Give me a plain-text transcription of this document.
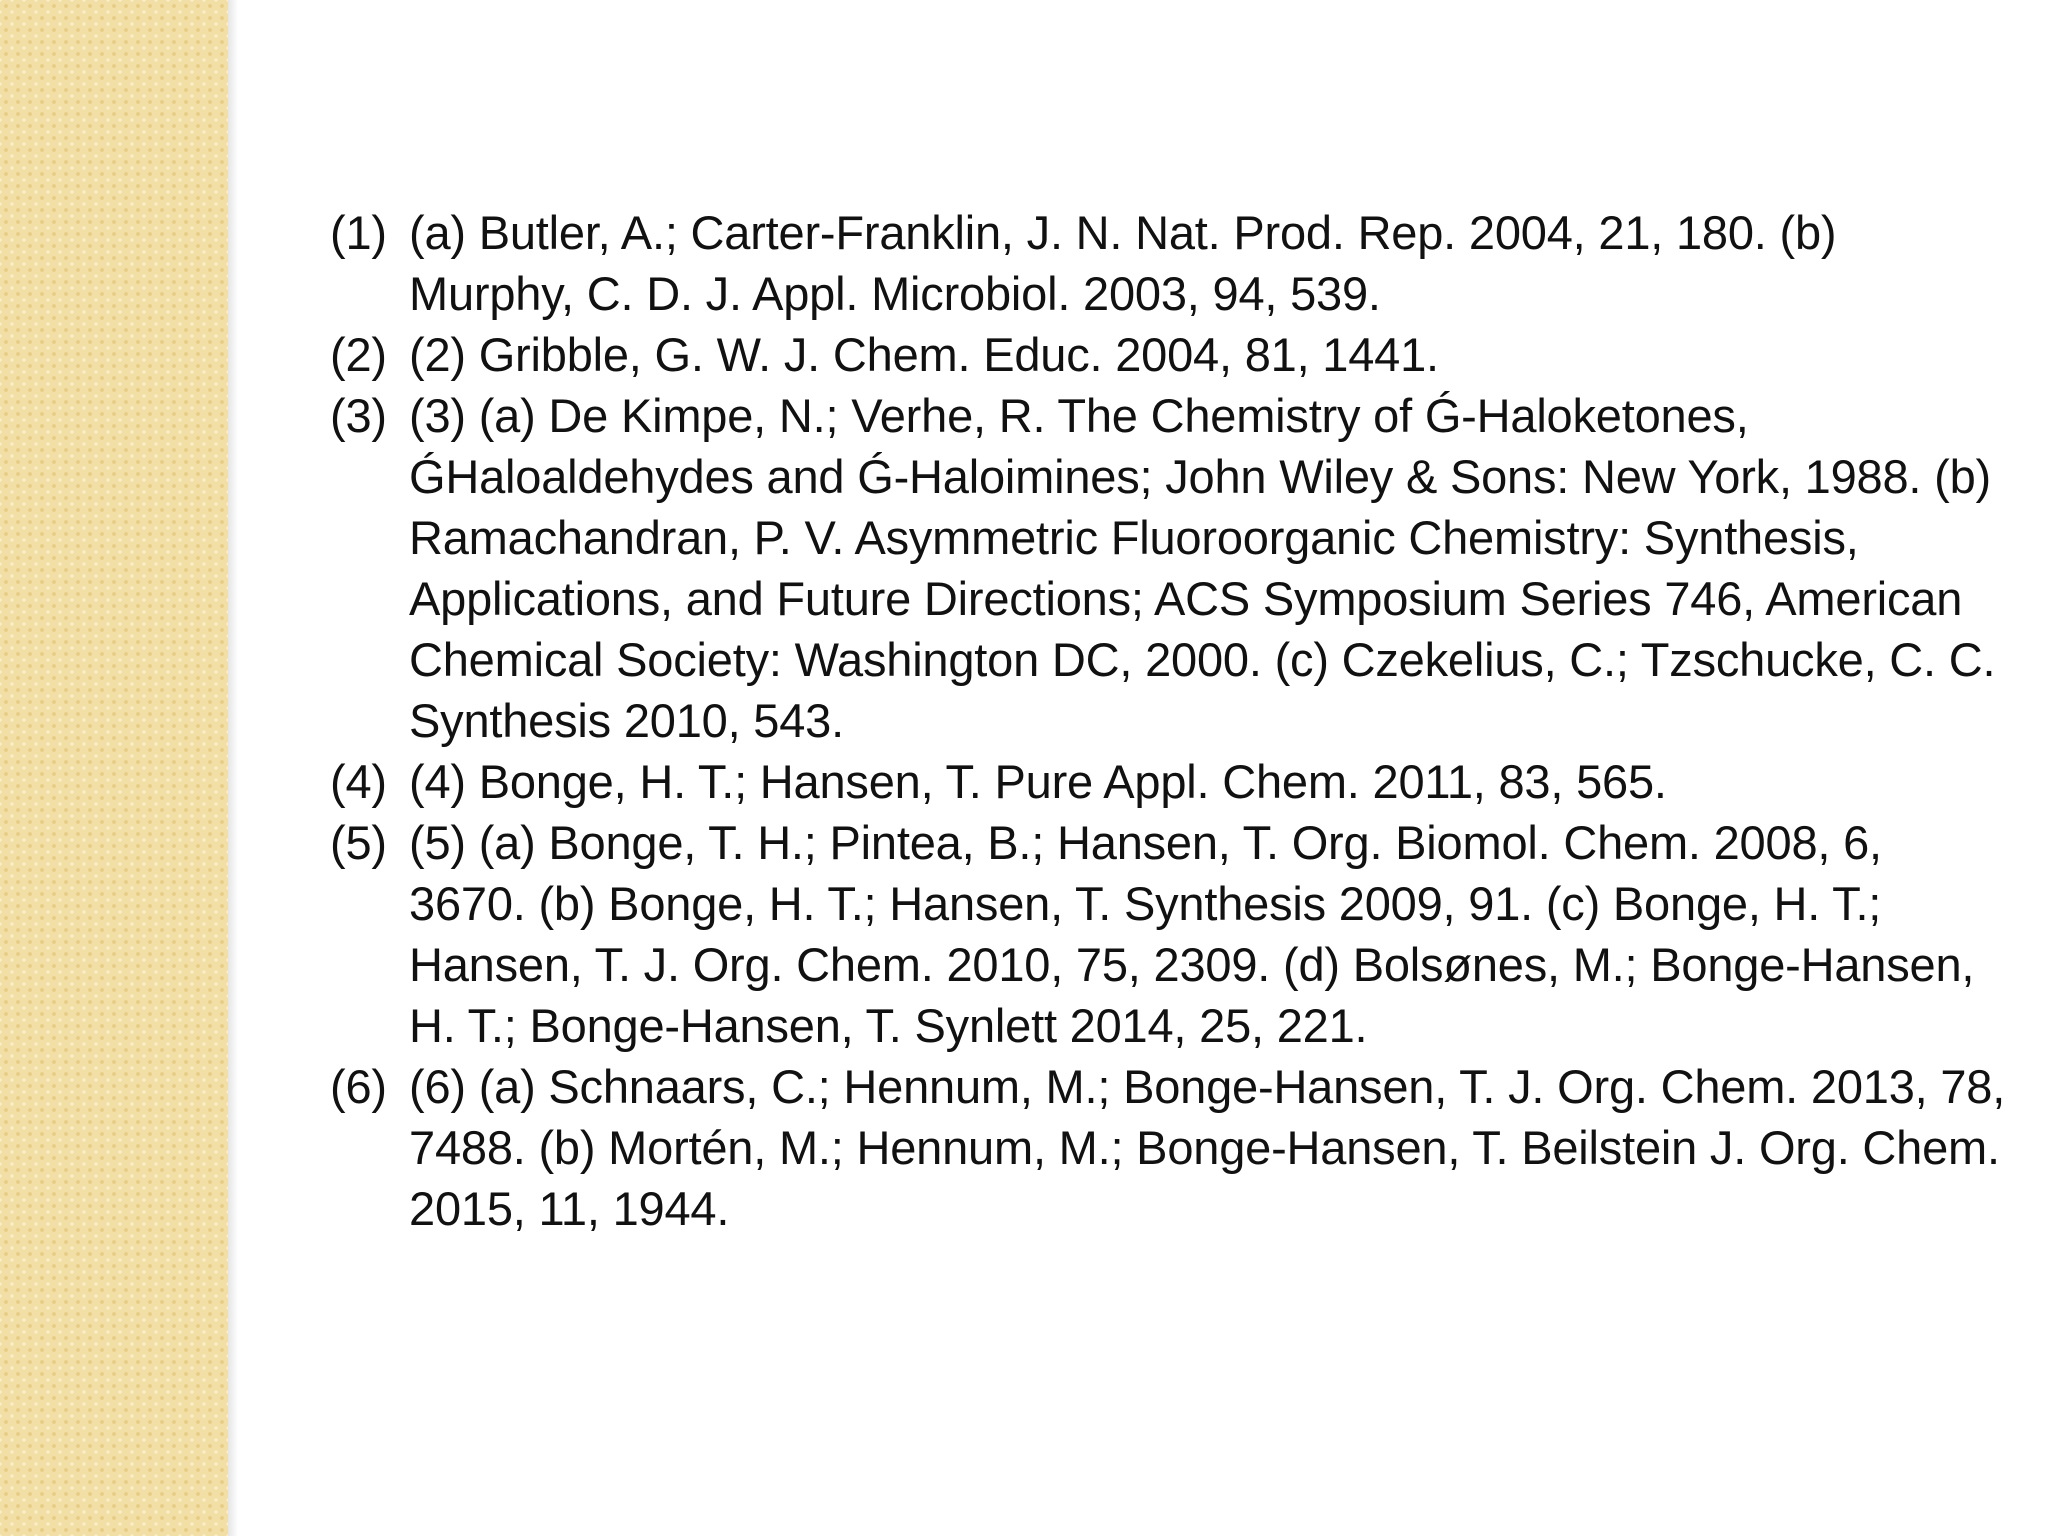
(1) (a) Butler, A.; Carter-Franklin, J. N. Nat. Prod. Rep. 2004, 21, 180. (b) Murphy, C. D. J. Appl. Microbiol. 2003, 94, 539.
(2) (2) Gribble, G. W. J. Chem. Educ. 2004, 81, 1441.
(3) (3) (a) De Kimpe, N.; Verhe, R. The Chemistry of Ǵ-Haloketones, ǴHaloaldehydes and Ǵ-Haloimines; John Wiley & Sons: New York, 1988. (b) Ramachandran, P. V. Asymmetric Fluoroorganic Chemistry: Synthesis, Applications, and Future Directions; ACS Symposium Series 746, American Chemical Society: Washington DC, 2000. (c) Czekelius, C.; Tzschucke, C. C. Synthesis 2010, 543.
(4) (4) Bonge, H. T.; Hansen, T. Pure Appl. Chem. 2011, 83, 565.
(5) (5) (a) Bonge, T. H.; Pintea, B.; Hansen, T. Org. Biomol. Chem. 2008, 6, 3670. (b) Bonge, H. T.; Hansen, T. Synthesis 2009, 91. (c) Bonge, H. T.; Hansen, T. J. Org. Chem. 2010, 75, 2309. (d) Bolsønes, M.; Bonge-Hansen, H. T.; Bonge-Hansen, T. Synlett 2014, 25, 221.
(6) (6) (a) Schnaars, C.; Hennum, M.; Bonge-Hansen, T. J. Org. Chem. 2013, 78, 7488. (b) Mortén, M.; Hennum, M.; Bonge-Hansen, T. Beilstein J. Org. Chem. 2015, 11, 1944.
